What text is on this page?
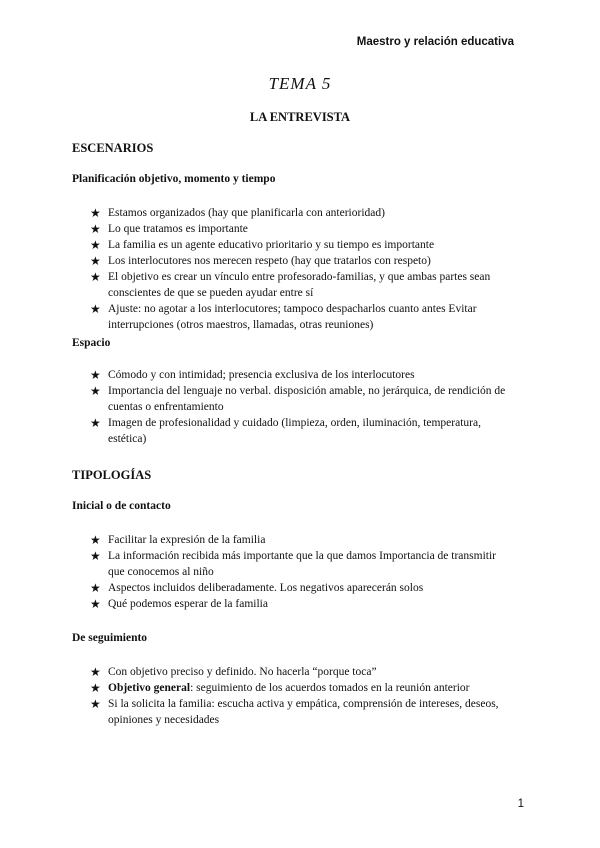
Maestro y relación educativa
TEMA 5
LA ENTREVISTA
ESCENARIOS
Planificación objetivo, momento y tiempo
★ Estamos organizados (hay que planificarla con anterioridad)
★ Lo que tratamos es importante
★ La familia es un agente educativo prioritario y su tiempo es importante
★ Los interlocutores nos merecen respeto (hay que tratarlos con respeto)
★ El objetivo es crear un vínculo entre profesorado-familias, y que ambas partes sean conscientes de que se pueden ayudar entre sí
★ Ajuste: no agotar a los interlocutores; tampoco despacharlos cuanto antes Evitar interrupciones (otros maestros, llamadas, otras reuniones)
Espacio
★ Cómodo y con intimidad; presencia exclusiva de los interlocutores
★ Importancia del lenguaje no verbal. disposición amable, no jerárquica, de rendición de cuentas o enfrentamiento
★ Imagen de profesionalidad y cuidado (limpieza, orden, iluminación, temperatura, estética)
TIPOLOGÍAS
Inicial o de contacto
★ Facilitar la expresión de la familia
★ La información recibida más importante que la que damos Importancia de transmitir que conocemos al niño
★ Aspectos incluidos deliberadamente. Los negativos aparecerán solos
★ Qué podemos esperar de la familia
De seguimiento
★ Con objetivo preciso y definido. No hacerla “porque toca”
★ Objetivo general: seguimiento de los acuerdos tomados en la reunión anterior
★ Si la solicita la familia: escucha activa y empática, comprensión de intereses, deseos, opiniones y necesidades
1
